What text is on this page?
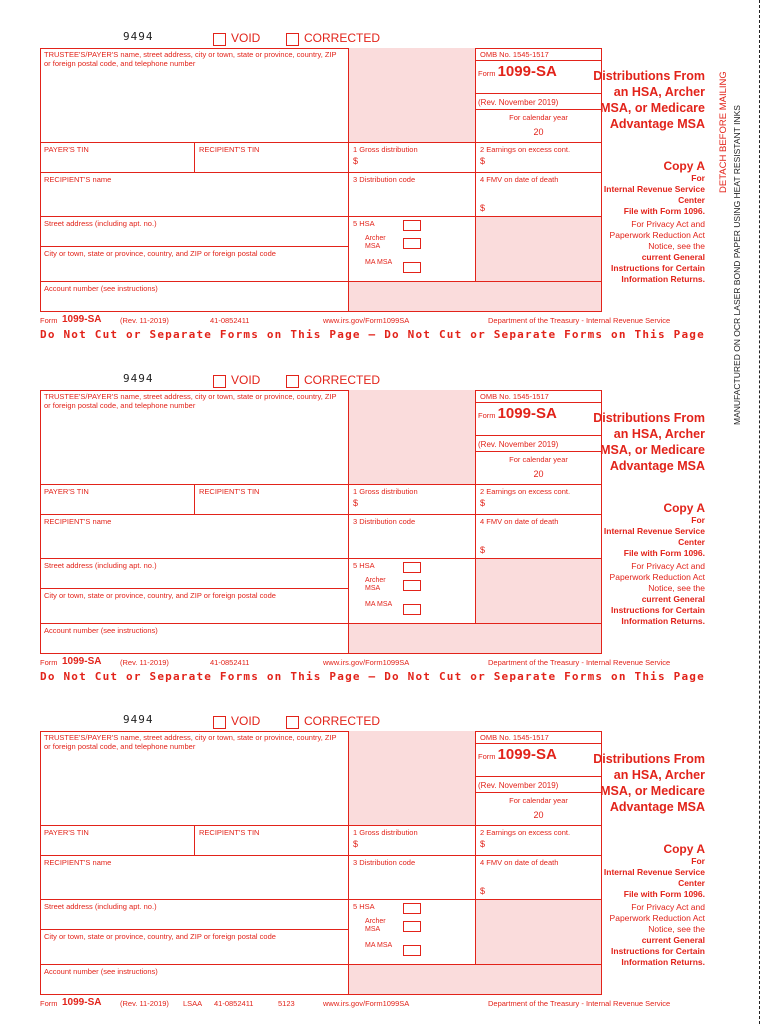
9494	VOID	CORRECTED
TRUSTEE'S/PAYER'S name, street address, city or town, state or province, country, ZIP or foreign postal code, and telephone number
OMB No. 1545-1517
Form 1099-SA
(Rev. November 2019)
For calendar year
20
PAYER'S TIN	RECIPIENT'S TIN	1 Gross distribution
$
2 Earnings on excess cont.
$
RECIPIENT'S name	3 Distribution code	4 FMV on date of death
$
Street address (including apt. no.)
City or town, state or province, country, and ZIP or foreign postal code
5 HSA
Archer MSA
MA MSA
Account number (see instructions)
Distributions From an HSA, Archer MSA, or Medicare Advantage MSA
Copy A
For
Internal Revenue Service Center
File with Form 1096.
For Privacy Act and Paperwork Reduction Act Notice, see the
current General Instructions for Certain Information Returns.
Form 1099-SA (Rev. 11-2019)	41-0852411	www.irs.gov/Form1099SA	Department of the Treasury - Internal Revenue Service
Do Not Cut or Separate Forms on This Page — Do Not Cut or Separate Forms on This Page
9494	VOID	CORRECTED
TRUSTEE'S/PAYER'S name, street address, city or town, state or province, country, ZIP or foreign postal code, and telephone number
OMB No. 1545-1517
Form 1099-SA
(Rev. November 2019)
For calendar year
20
PAYER'S TIN	RECIPIENT'S TIN	1 Gross distribution
$
2 Earnings on excess cont.
$
RECIPIENT'S name	3 Distribution code	4 FMV on date of death
$
Street address (including apt. no.)
City or town, state or province, country, and ZIP or foreign postal code
5 HSA
Archer MSA
MA MSA
Account number (see instructions)
Distributions From an HSA, Archer MSA, or Medicare Advantage MSA
Copy A
For
Internal Revenue Service Center
File with Form 1096.
For Privacy Act and Paperwork Reduction Act Notice, see the
current General Instructions for Certain Information Returns.
Form 1099-SA (Rev. 11-2019)	41-0852411	www.irs.gov/Form1099SA	Department of the Treasury - Internal Revenue Service
Do Not Cut or Separate Forms on This Page — Do Not Cut or Separate Forms on This Page
9494	VOID	CORRECTED
TRUSTEE'S/PAYER'S name, street address, city or town, state or province, country, ZIP or foreign postal code, and telephone number
OMB No. 1545-1517
Form 1099-SA
(Rev. November 2019)
For calendar year
20
PAYER'S TIN	RECIPIENT'S TIN	1 Gross distribution
$
2 Earnings on excess cont.
$
RECIPIENT'S name	3 Distribution code	4 FMV on date of death
$
Street address (including apt. no.)
City or town, state or province, country, and ZIP or foreign postal code
5 HSA
Archer MSA
MA MSA
Account number (see instructions)
Distributions From an HSA, Archer MSA, or Medicare Advantage MSA
Copy A
For
Internal Revenue Service Center
File with Form 1096.
For Privacy Act and Paperwork Reduction Act Notice, see the
current General Instructions for Certain Information Returns.
Form 1099-SA (Rev. 11-2019) LSAA 41-0852411	5123	www.irs.gov/Form1099SA	Department of the Treasury - Internal Revenue Service
DETACH BEFORE MAILING MANUFACTURED ON OCR LASER BOND PAPER USING HEAT RESISTANT INKS
